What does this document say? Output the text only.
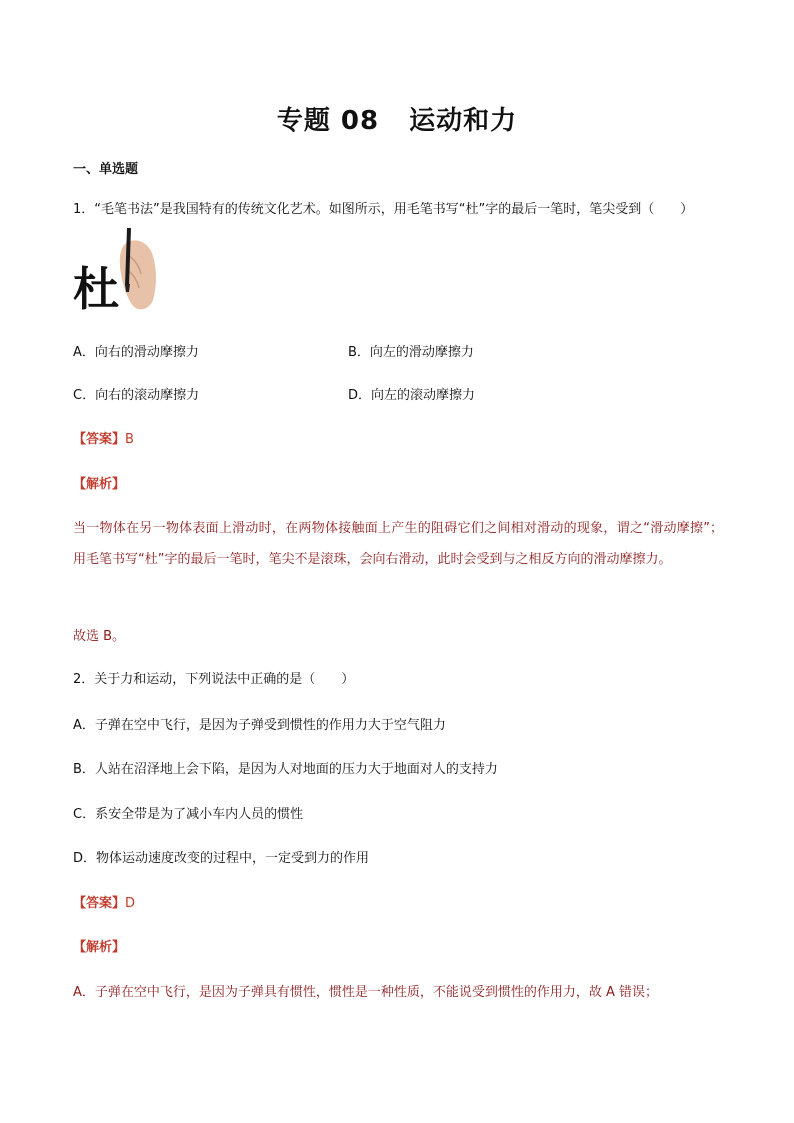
专题 08 运动和力
一、单选题
1．“毛笔书法”是我国特有的传统文化艺术。如图所示，用毛笔书写“杜”字的最后一笔时，笔尖受到（　　）
杜
A．向右的滑动摩擦力	B．向左的滑动摩擦力
C．向右的滚动摩擦力	D．向左的滚动摩擦力
【答案】B
【解析】
当一物体在另一物体表面上滑动时，在两物体接触面上产生的阻碍它们之间相对滑动的现象，谓之“滑动摩擦”；用毛笔书写“杜”字的最后一笔时，笔尖不是滚珠，会向右滑动，此时会受到与之相反方向的滑动摩擦力。
故选 B。
2．关于力和运动，下列说法中正确的是（　　）
A．子弹在空中飞行，是因为子弹受到惯性的作用力大于空气阻力
B．人站在沼泽地上会下陷，是因为人对地面的压力大于地面对人的支持力
C．系安全带是为了减小车内人员的惯性
D．物体运动速度改变的过程中，一定受到力的作用
【答案】D
【解析】
A．子弹在空中飞行，是因为子弹具有惯性，惯性是一种性质，不能说受到惯性的作用力，故 A 错误；
